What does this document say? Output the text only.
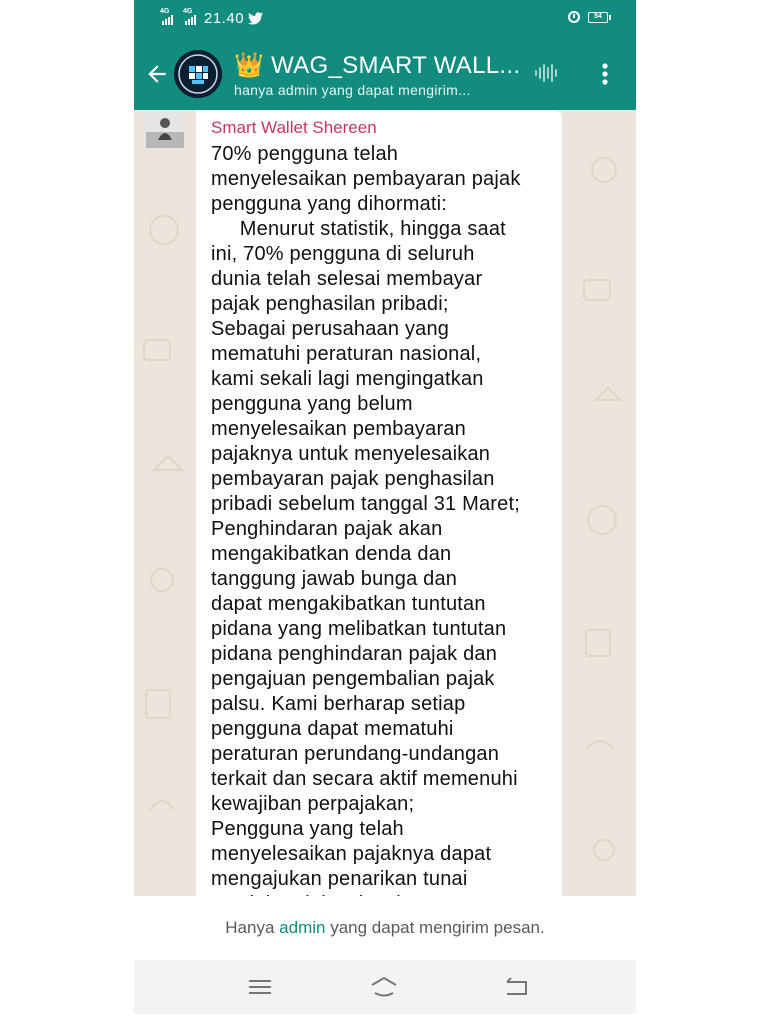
4G 4G 21.40	54
👑 WAG_SMART WALL...
hanya admin yang dapat mengirim...
Smart Wallet Shereen
70% pengguna telah
menyelesaikan pembayaran pajak
pengguna yang dihormati:
Menurut statistik, hingga saat
ini, 70% pengguna di seluruh
dunia telah selesai membayar
pajak penghasilan pribadi;
Sebagai perusahaan yang
mematuhi peraturan nasional,
kami sekali lagi mengingatkan
pengguna yang belum
menyelesaikan pembayaran
pajaknya untuk menyelesaikan
pembayaran pajak penghasilan
pribadi sebelum tanggal 31 Maret;
Penghindaran pajak akan
mengakibatkan denda dan
tanggung jawab bunga dan
dapat mengakibatkan tuntutan
pidana yang melibatkan tuntutan
pidana penghindaran pajak dan
pengajuan pengembalian pajak
palsu. Kami berharap setiap
pengguna dapat mematuhi
peraturan perundang-undangan
terkait dan secara aktif memenuhi
kewajiban perpajakan;
Pengguna yang telah
menyelesaikan pajaknya dapat
mengajukan penarikan tunai
Hanya admin yang dapat mengirim pesan.
